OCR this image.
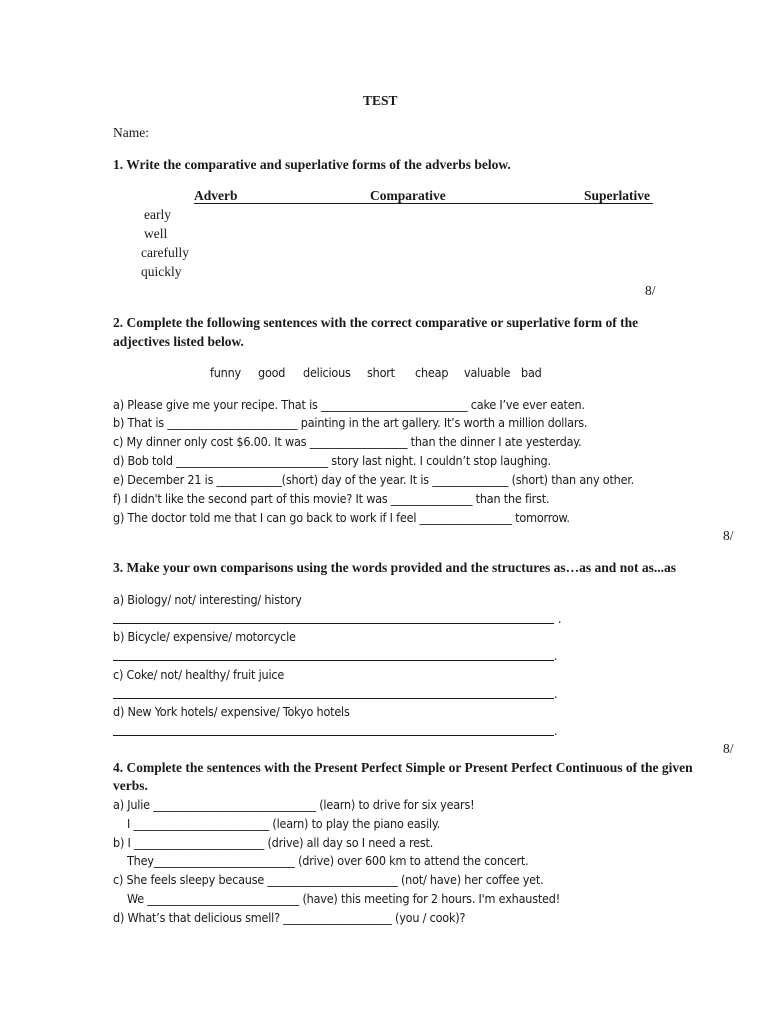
TEST
Name:
1. Write the comparative and superlative forms of the adverbs below.
Adverb	Comparative	Superlative
early
well
carefully
quickly
8/
2. Complete the following sentences with the correct comparative or superlative form of the
adjectives listed below.
funny good delicious short cheap valuable bad
a) Please give me your recipe. That is ___________________________ cake I’ve ever eaten.
b) That is ________________________ painting in the art gallery. It’s worth a million dollars.
c) My dinner only cost $6.00. It was __________________ than the dinner I ate yesterday.
d) Bob told ____________________________ story last night. I couldn’t stop laughing.
e) December 21 is ____________(short) day of the year. It is ______________ (short) than any other.
f) I didn't like the second part of this movie? It was _______________ than the first.
g) The doctor told me that I can go back to work if I feel _________________ tomorrow.
8/
3. Make your own comparisons using the words provided and the structures as…as and not as...as
a) Biology/ not/ interesting/ history
.
b) Bicycle/ expensive/ motorcycle
.
c) Coke/ not/ healthy/ fruit juice
.
d) New York hotels/ expensive/ Tokyo hotels
.
8/
4. Complete the sentences with the Present Perfect Simple or Present Perfect Continuous of the given
verbs.
a) Julie ______________________________ (learn) to drive for six years!
I _________________________ (learn) to play the piano easily.
b) I ________________________ (drive) all day so I need a rest.
They__________________________ (drive) over 600 km to attend the concert.
c) She feels sleepy because ________________________ (not/ have) her coffee yet.
We ____________________________ (have) this meeting for 2 hours. I'm exhausted!
d) What’s that delicious smell? ____________________ (you / cook)?
